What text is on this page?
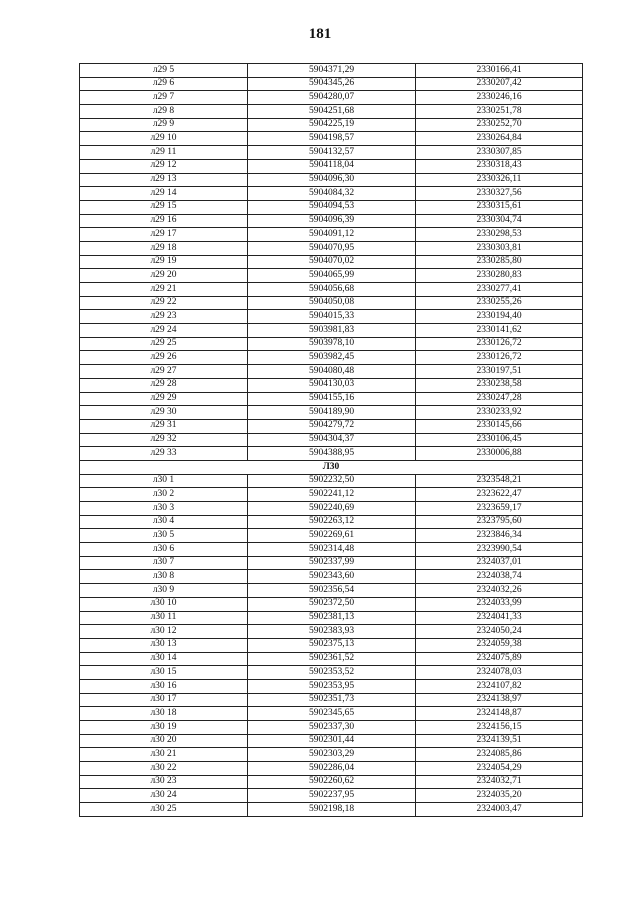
181
л29 5	5904371,29	2330166,41
л29 6	5904345,26	2330207,42
л29 7	5904280,07	2330246,16
л29 8	5904251,68	2330251,78
л29 9	5904225,19	2330252,70
л29 10	5904198,57	2330264,84
л29 11	5904132,57	2330307,85
л29 12	5904118,04	2330318,43
л29 13	5904096,30	2330326,11
л29 14	5904084,32	2330327,56
л29 15	5904094,53	2330315,61
л29 16	5904096,39	2330304,74
л29 17	5904091,12	2330298,53
л29 18	5904070,95	2330303,81
л29 19	5904070,02	2330285,80
л29 20	5904065,99	2330280,83
л29 21	5904056,68	2330277,41
л29 22	5904050,08	2330255,26
л29 23	5904015,33	2330194,40
л29 24	5903981,83	2330141,62
л29 25	5903978,10	2330126,72
л29 26	5903982,45	2330126,72
л29 27	5904080,48	2330197,51
л29 28	5904130,03	2330238,58
л29 29	5904155,16	2330247,28
л29 30	5904189,90	2330233,92
л29 31	5904279,72	2330145,66
л29 32	5904304,37	2330106,45
л29 33	5904388,95	2330006,88
Л30		
л30 1	5902232,50	2323548,21
л30 2	5902241,12	2323622,47
л30 3	5902240,69	2323659,17
л30 4	5902263,12	2323795,60
л30 5	5902269,61	2323846,34
л30 6	5902314,48	2323990,54
л30 7	5902337,99	2324037,01
л30 8	5902343,60	2324038,74
л30 9	5902356,54	2324032,26
л30 10	5902372,50	2324033,99
л30 11	5902381,13	2324041,33
л30 12	5902383,93	2324050,24
л30 13	5902375,13	2324059,38
л30 14	5902361,52	2324075,89
л30 15	5902353,52	2324078,03
л30 16	5902353,95	2324107,82
л30 17	5902351,73	2324138,97
л30 18	5902345,65	2324148,87
л30 19	5902337,30	2324156,15
л30 20	5902301,44	2324139,51
л30 21	5902303,29	2324085,86
л30 22	5902286,04	2324054,29
л30 23	5902260,62	2324032,71
л30 24	5902237,95	2324035,20
л30 25	5902198,18	2324003,47
